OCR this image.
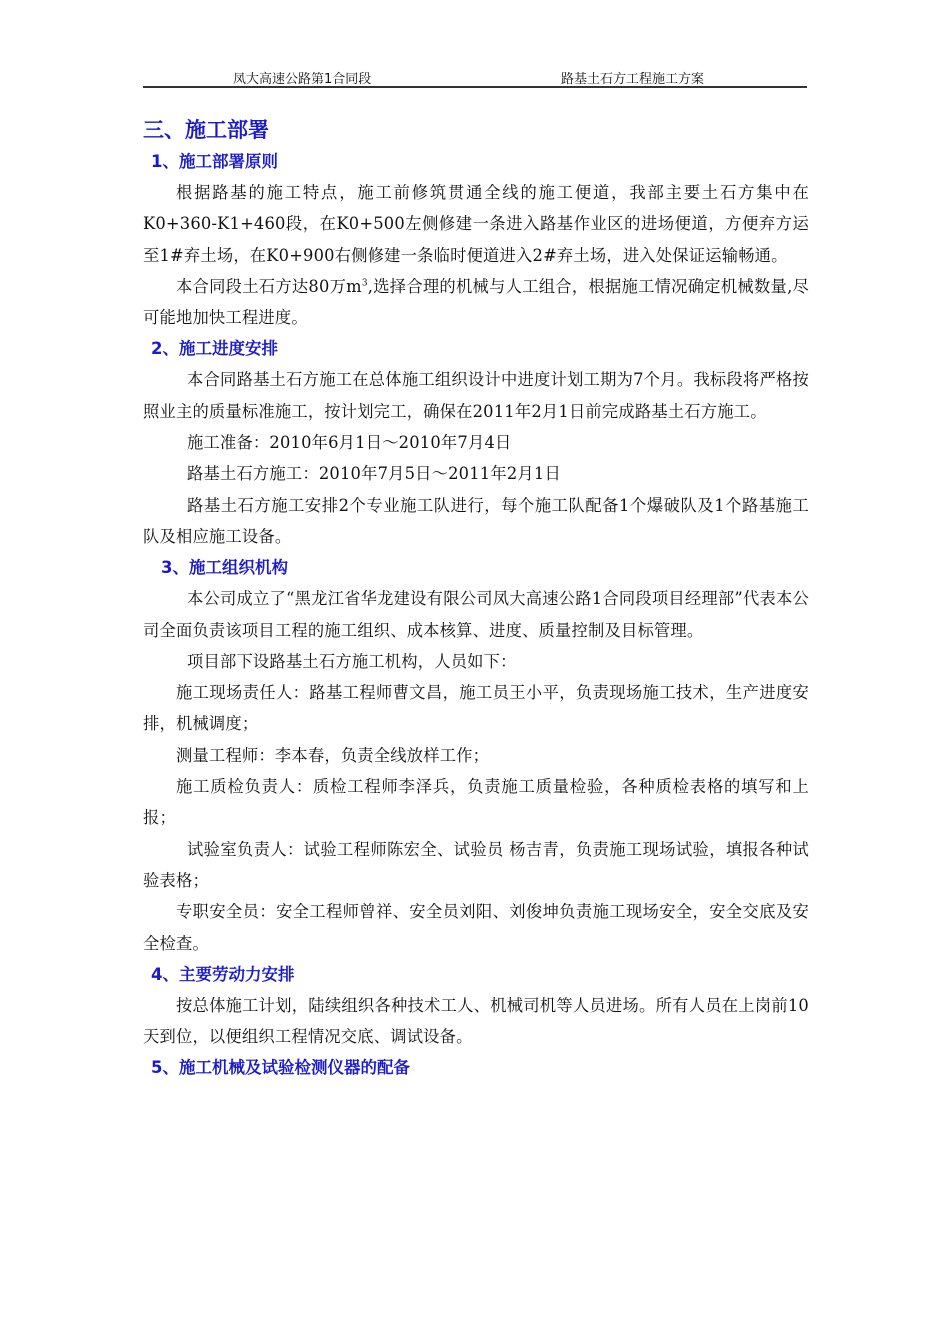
凤大高速公路第1合同段	路基土石方工程施工方案
三、施工部署
1、施工部署原则

根据路基的施工特点，施工前修筑贯通全线的施工便道，我部主要土石方集中在K0+360-K1+460段，在K0+500左侧修建一条进入路基作业区的进场便道，方便弃方运至1#弃土场，在K0+900右侧修建一条临时便道进入2#弃土场，进入处保证运输畅通。

本合同段土石方达80万$m^3$,选择合理的机械与人工组合，根据施工情况确定机械数量,尽可能地加快工程进度。

2、施工进度安排

本合同路基土石方施工在总体施工组织设计中进度计划工期为7个月。我标段将严格按照业主的质量标准施工，按计划完工，确保在2011年2月1日前完成路基土石方施工。

施工准备：2010年6月1日～2010年7月4日

路基土石方施工：2010年7月5日～2011年2月1日

路基土石方施工安排2个专业施工队进行，每个施工队配备1个爆破队及1个路基施工队及相应施工设备。

3、施工组织机构

本公司成立了“黑龙江省华龙建设有限公司凤大高速公路1合同段项目经理部”代表本公司全面负责该项目工程的施工组织、成本核算、进度、质量控制及目标管理。

项目部下设路基土石方施工机构，人员如下：

施工现场责任人：路基工程师曹文昌，施工员王小平，负责现场施工技术，生产进度安排，机械调度；

测量工程师：李本春，负责全线放样工作；

施工质检负责人：质检工程师李泽兵，负责施工质量检验，各种质检表格的填写和上报；

试验室负责人：试验工程师陈宏全、试验员 杨吉青，负责施工现场试验，填报各种试验表格；

专职安全员：安全工程师曾祥、安全员刘阳、刘俊坤负责施工现场安全，安全交底及安全检查。

4、主要劳动力安排

按总体施工计划，陆续组织各种技术工人、机械司机等人员进场。所有人员在上岗前10天到位，以便组织工程情况交底、调试设备。

5、施工机械及试验检测仪器的配备
